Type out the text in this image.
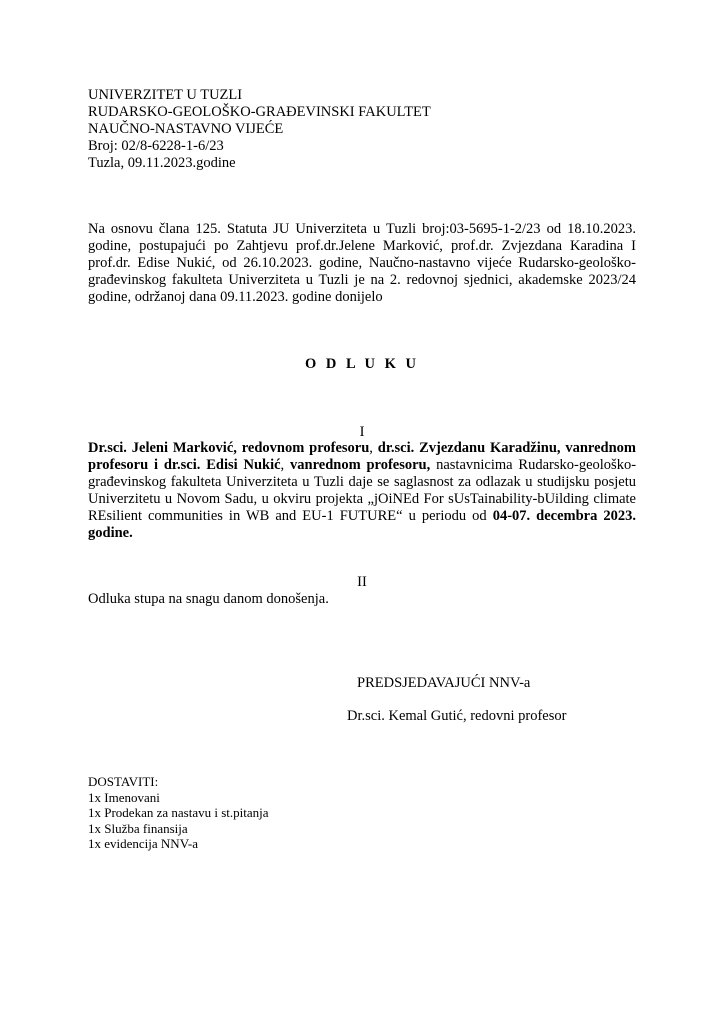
UNIVERZITET U TUZLI
RUDARSKO-GEOLOŠKO-GRAĐEVINSKI FAKULTET
NAUČNO-NASTAVNO VIJEĆE
Broj: 02/8-6228-1-6/23
Tuzla, 09.11.2023.godine
Na osnovu člana 125. Statuta JU Univerziteta u Tuzli broj:03-5695-1-2/23 od 18.10.2023.
godine, postupajući po Zahtjevu prof.dr.Jelene Marković, prof.dr. Zvjezdana Karadina I
prof.dr. Edise Nukić, od 26.10.2023. godine, Naučno-nastavno vijeće Rudarsko-geološko-
građevinskog fakulteta Univerziteta u Tuzli je na 2. redovnoj sjednici, akademske 2023/24
godine, održanoj dana 09.11.2023. godine donijelo
O D L U K U
I
Dr.sci. Jeleni Marković, redovnom profesoru, dr.sci. Zvjezdanu Karadžinu, vanrednom
profesoru i dr.sci. Edisi Nukić, vanrednom profesoru, nastavnicima Rudarsko-geološko-
građevinskog fakulteta Univerziteta u Tuzli daje se saglasnost za odlazak u studijsku posjetu
Univerzitetu u Novom Sadu, u okviru projekta „jOiNEd For sUsTainability-bUilding climate
REsilient communities in WB and EU-1 FUTURE“ u periodu od 04-07. decembra 2023.
godine.
II
Odluka stupa na snagu danom donošenja.
PREDSJEDAVAJUĆI NNV-a
Dr.sci. Kemal Gutić, redovni profesor
DOSTAVITI:
1x Imenovani
1x Prodekan za nastavu i st.pitanja
1x Služba finansija
1x evidencija NNV-a
